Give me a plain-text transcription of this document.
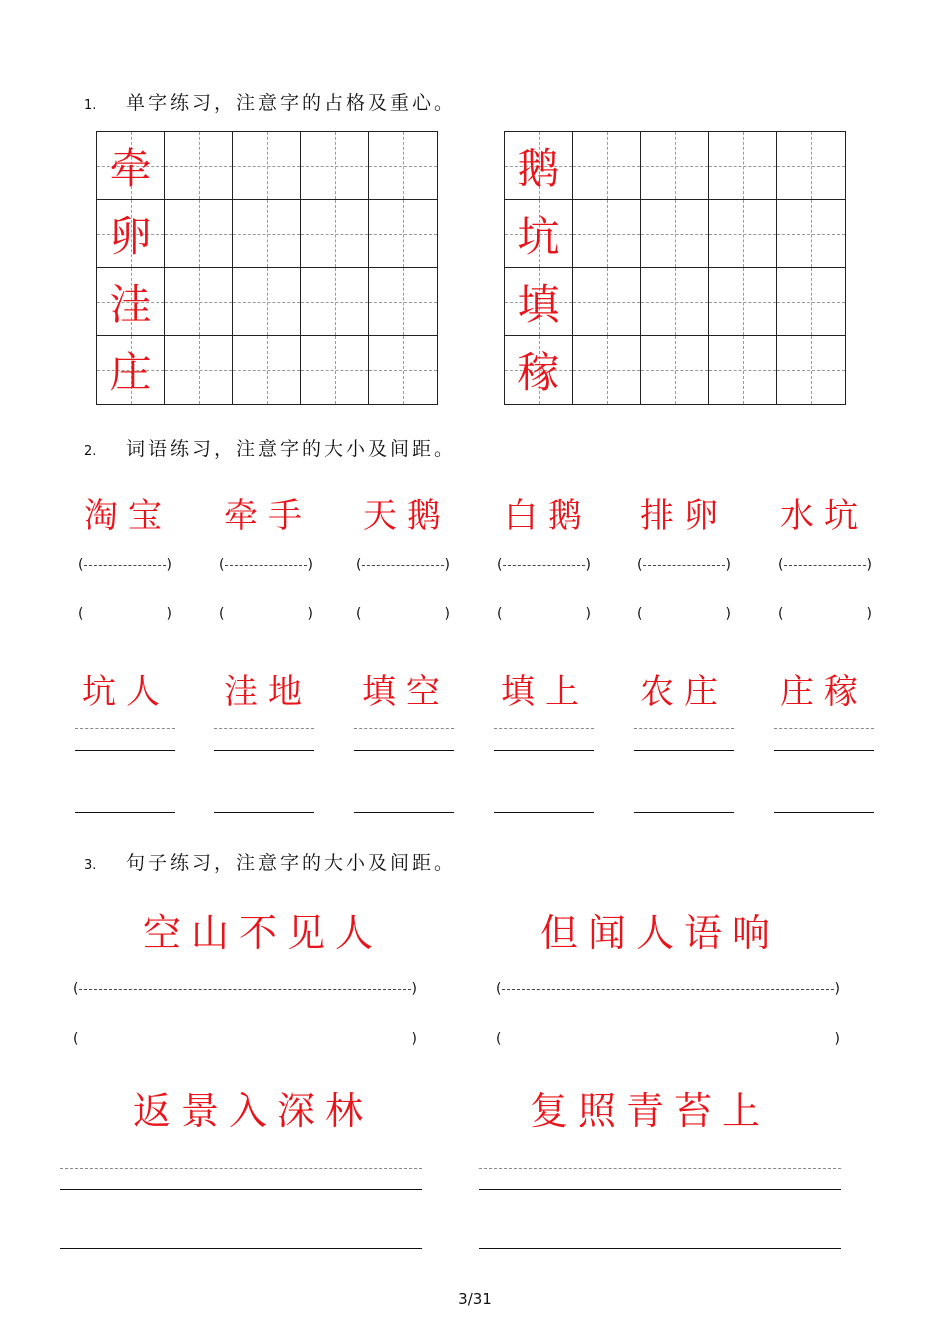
1. 单字练习，注意字的占格及重心。
牵
卵
洼
庄
鹅
坑
填
稼
2. 词语练习，注意字的大小及间距。
淘宝 牵手 天鹅 白鹅 排卵 水坑
(	)	(	)	(	)	(	)	(	)	(	)
(	)	(	)	(	)	(	)	(	)	(	)
坑人 洼地 填空 填上 农庄 庄稼
3. 句子练习，注意字的大小及间距。
空山不见人	但闻人语响
(	)	(	)
(	)	(	)
返景入深林	复照青苔上
3/31
